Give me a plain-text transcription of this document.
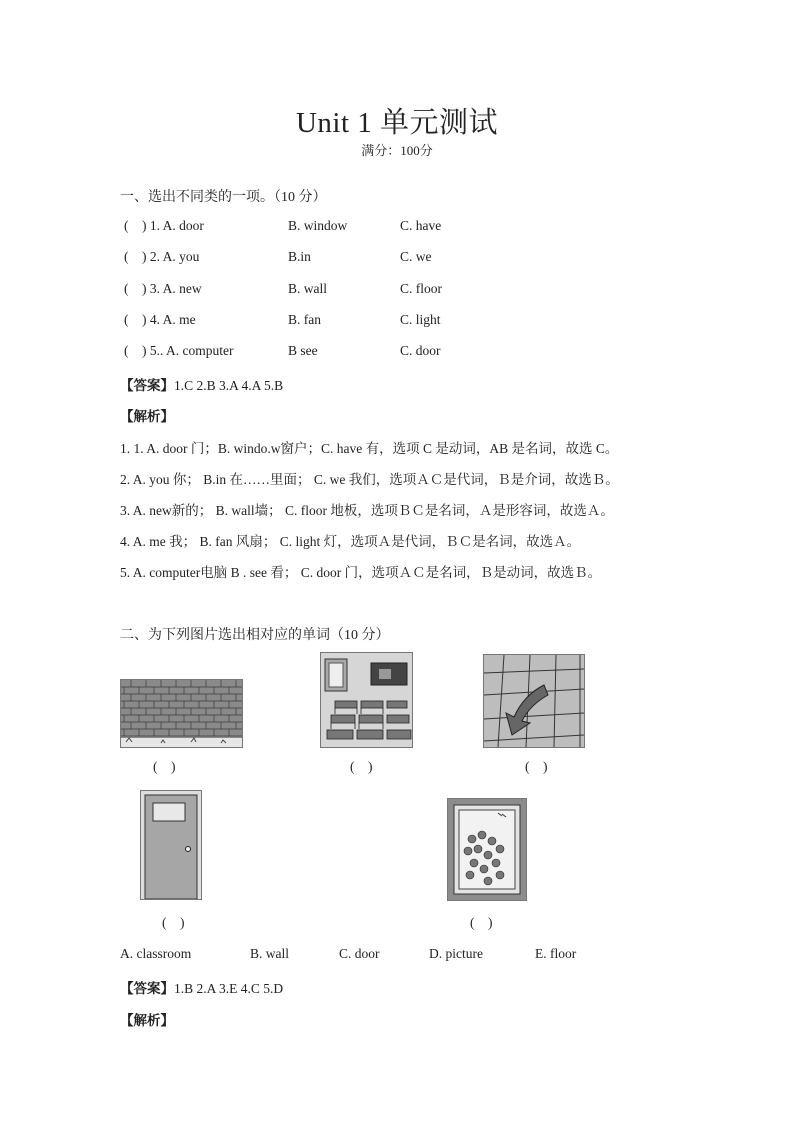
Unit 1 单元测试
满分：100分
一、选出不同类的一项。（10 分）
(    ) 1. A. door	B. window	C. have
(    ) 2. A. you	B.in	C. we
(    ) 3. A. new	B. wall	C. floor
(    ) 4. A. me	B. fan	C. light
(    ) 5.. A. computer	B see	C. door
【答案】1.C 2.B 3.A 4.A 5.B
【解析】
1. 1. A. door 门；B. windo.w窗户；C. have 有，选项 C 是动词，AB 是名词，故选 C。
2. A. you 你； B.in 在……里面； C. we 我们，选项ＡＣ是代词，Ｂ是介词，故选Ｂ。
3. A. new新的； B. wall墙； C. floor 地板，选项ＢＣ是名词，Ａ是形容词，故选Ａ。
4. A. me 我； B. fan 风扇； C. light 灯，选项Ａ是代词，ＢＣ是名词，故选Ａ。
5. A. computer电脑 B . see 看； C. door 门，选项ＡＣ是名词，Ｂ是动词，故选Ｂ。
二、为下列图片选出相对应的单词（10 分）
(    )	(    )	(    )
(    )	(    )
A. classroom	B. wall	C. door	D. picture	E. floor
【答案】1.B 2.A 3.E 4.C 5.D
【解析】
